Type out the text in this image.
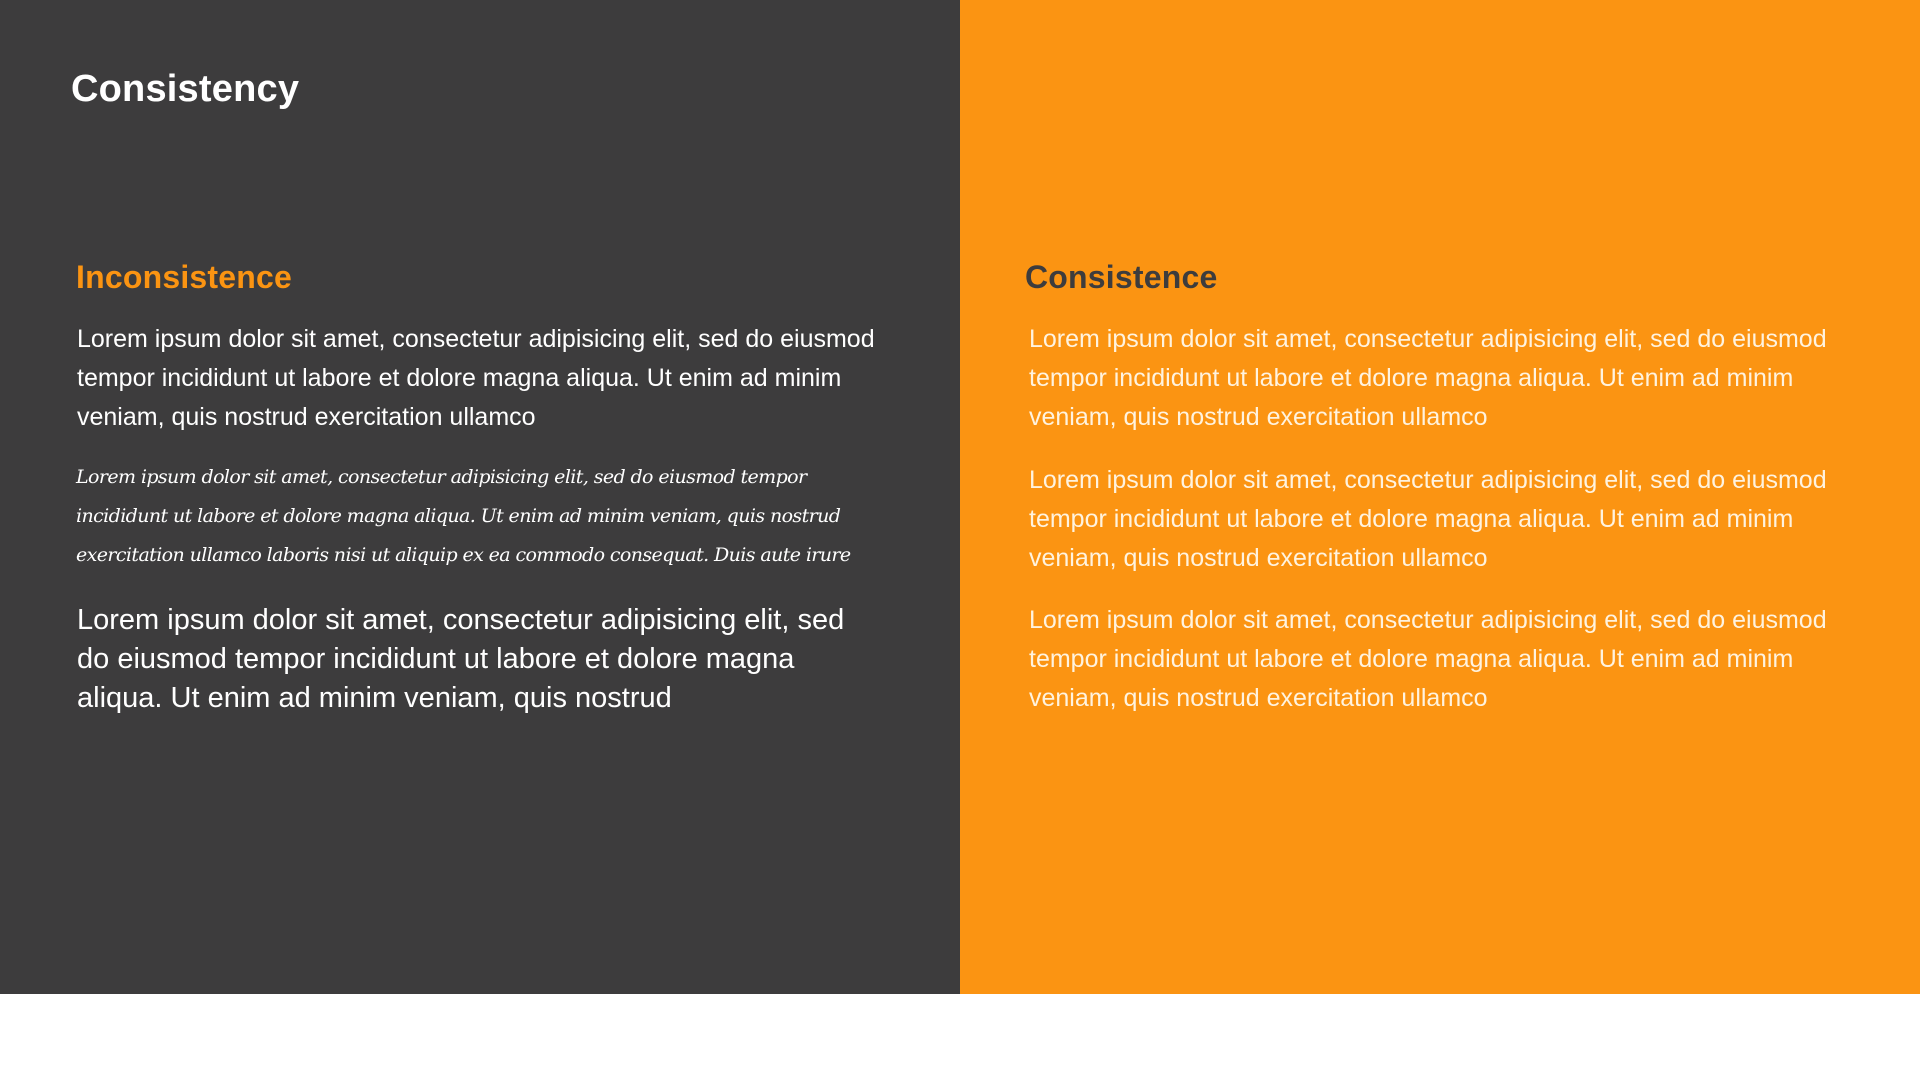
Consistency
Inconsistence

Lorem ipsum dolor sit amet, consectetur adipisicing elit, sed do eiusmod tempor incididunt ut labore et dolore magna aliqua. Ut enim ad minim veniam, quis nostrud exercitation ullamco

Lorem ipsum dolor sit amet, consectetur adipisicing elit, sed do eiusmod tempor
incididunt ut labore et dolore magna aliqua. Ut enim ad minim veniam, quis nostrud
exercitation ullamco laboris nisi ut aliquip ex ea commodo consequat. Duis aute irure

Lorem ipsum dolor sit amet, consectetur adipisicing elit, sed do eiusmod tempor incididunt ut labore et dolore magna aliqua. Ut enim ad minim veniam, quis nostrud

Consistence

Lorem ipsum dolor sit amet, consectetur adipisicing elit, sed do eiusmod tempor incididunt ut labore et dolore magna aliqua. Ut enim ad minim veniam, quis nostrud exercitation ullamco

Lorem ipsum dolor sit amet, consectetur adipisicing elit, sed do eiusmod tempor incididunt ut labore et dolore magna aliqua. Ut enim ad minim veniam, quis nostrud exercitation ullamco

Lorem ipsum dolor sit amet, consectetur adipisicing elit, sed do eiusmod tempor incididunt ut labore et dolore magna aliqua. Ut enim ad minim veniam, quis nostrud exercitation ullamco
